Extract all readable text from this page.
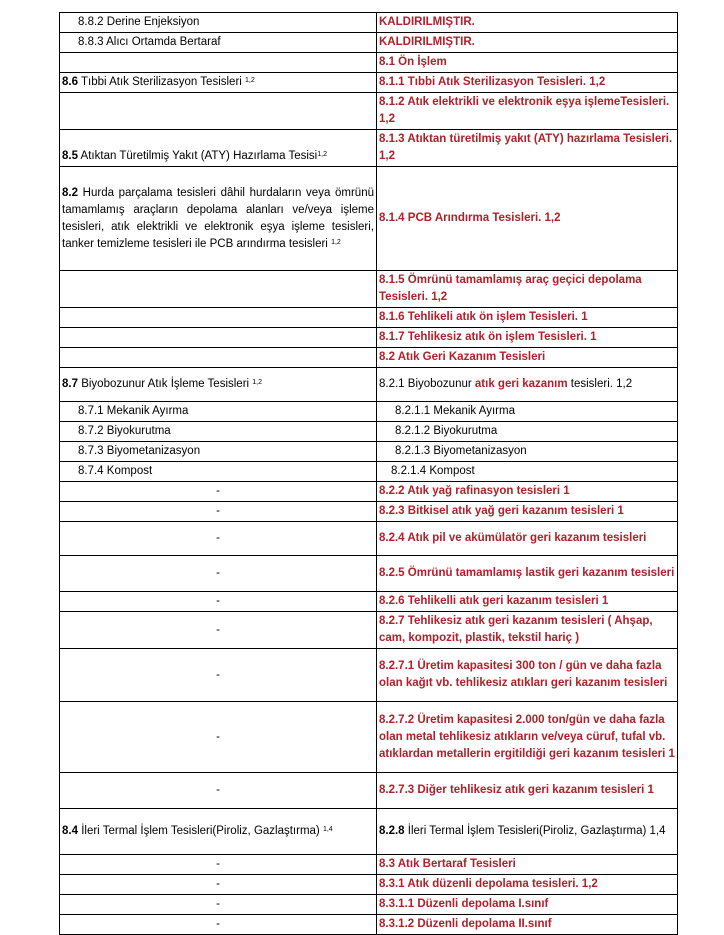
8.8.2 Derine Enjeksiyon	KALDIRILMIŞTIR.
8.8.3 Alıcı Ortamda Bertaraf	KALDIRILMIŞTIR.
	8.1 Ön İşlem
8.6 Tıbbi Atık Sterilizasyon Tesisleri $^{1,2}$	8.1.1 Tıbbi Atık Sterilizasyon Tesisleri. 1,2
	8.1.2 Atık elektrikli ve elektronik eşya işlemeTesisleri. 1,2
8.5 Atıktan Türetilmiş Yakıt (ATY) Hazırlama Tesisi$^{1,2}$	8.1.3 Atıktan türetilmiş yakıt (ATY) hazırlama Tesisleri. 1,2
8.2 Hurda parçalama tesisleri dâhil hurdaların veya ömrünü tamamlamış araçların depolama alanları ve/veya işleme tesisleri, atık elektrikli ve elektronik eşya işleme tesisleri, tanker temizleme tesisleri ile PCB arındırma tesisleri $^{1,2}$	8.1.4 PCB Arındırma Tesisleri. 1,2
	8.1.5 Ömrünü tamamlamış araç geçici depolama Tesisleri. 1,2
	8.1.6 Tehlikeli atık ön işlem Tesisleri. 1
	8.1.7 Tehlikesiz atık ön işlem Tesisleri. 1
	8.2 Atık Geri Kazanım Tesisleri
8.7 Biyobozunur Atık İşleme Tesisleri $^{1,2}$	8.2.1 Biyobozunur atık geri kazanım tesisleri. 1,2
8.7.1 Mekanik Ayırma	8.2.1.1 Mekanik Ayırma
8.7.2 Biyokurutma	8.2.1.2 Biyokurutma
8.7.3 Biyometanizasyon	8.2.1.3 Biyometanizasyon
8.7.4 Kompost	8.2.1.4 Kompost
-	8.2.2 Atık yağ rafinasyon tesisleri 1
-	8.2.3 Bitkisel atık yağ geri kazanım tesisleri 1
-	8.2.4 Atık pil ve akümülatör geri kazanım tesisleri
-	8.2.5 Ömrünü tamamlamış lastik geri kazanım tesisleri
-	8.2.6 Tehlikelli atık geri kazanım tesisleri 1
-	8.2.7 Tehlikesiz atık geri kazanım tesisleri ( Ahşap, cam, kompozit, plastik, tekstil hariç )
-	8.2.7.1 Üretim kapasitesi 300 ton / gün ve daha fazla olan kağıt vb. tehlikesiz atıkları geri kazanım tesisleri
-	8.2.7.2 Üretim kapasitesi 2.000 ton/gün ve daha fazla olan metal tehlikesiz atıkların ve/veya cüruf, tufal vb. atıklardan metallerin ergitildiği geri kazanım tesisleri 1
-	8.2.7.3 Diğer tehlikesiz atık geri kazanım tesisleri 1
8.4 İleri Termal İşlem Tesisleri(Piroliz, Gazlaştırma) $^{1,4}$	8.2.8 İleri Termal İşlem Tesisleri(Piroliz, Gazlaştırma) 1,4
-	8.3 Atık Bertaraf Tesisleri
-	8.3.1 Atık düzenli depolama tesisleri. 1,2
-	8.3.1.1 Düzenli depolama I.sınıf
-	8.3.1.2 Düzenli depolama II.sınıf
